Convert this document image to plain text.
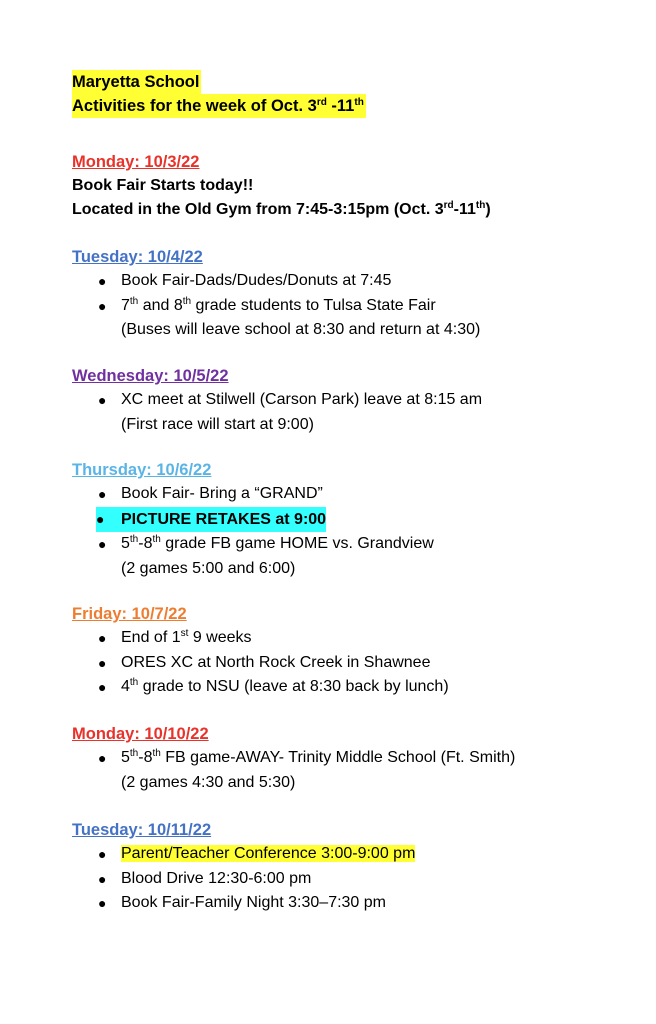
Maryetta School
Activities for the week of Oct. 3rd -11th
Monday: 10/3/22
Book Fair Starts today!!
Located in the Old Gym from 7:45-3:15pm (Oct. 3rd-11th)
Tuesday: 10/4/22
● Book Fair-Dads/Dudes/Donuts at 7:45
● 7th and 8th grade students to Tulsa State Fair
(Buses will leave school at 8:30 and return at 4:30)
Wednesday: 10/5/22
● XC meet at Stilwell (Carson Park) leave at 8:15 am
(First race will start at 9:00)
Thursday: 10/6/22
● Book Fair- Bring a “GRAND”
● PICTURE RETAKES at 9:00
● 5th-8th grade FB game HOME vs. Grandview
(2 games 5:00 and 6:00)
Friday: 10/7/22
● End of 1st 9 weeks
● ORES XC at North Rock Creek in Shawnee
● 4th grade to NSU (leave at 8:30 back by lunch)
Monday: 10/10/22
● 5th-8th FB game-AWAY- Trinity Middle School (Ft. Smith)
(2 games 4:30 and 5:30)
Tuesday: 10/11/22
● Parent/Teacher Conference 3:00-9:00 pm
● Blood Drive 12:30-6:00 pm
● Book Fair-Family Night 3:30–7:30 pm
